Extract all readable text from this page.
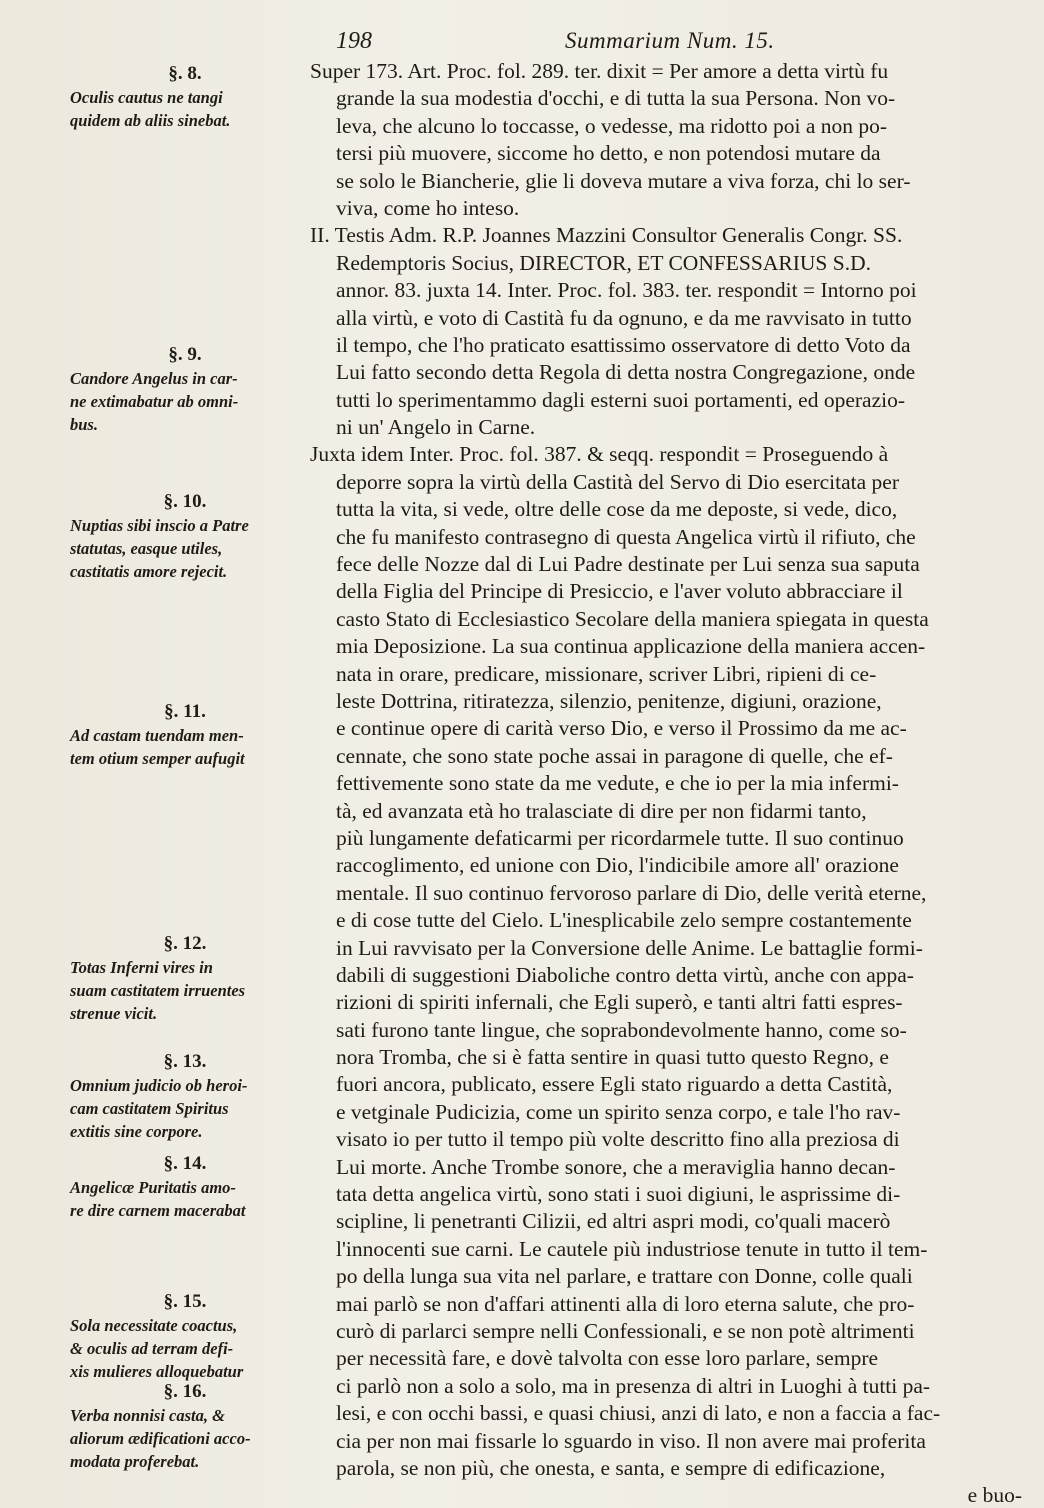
198	Summarium Num. 15.
§. 8.
Oculis cautus ne tangi
quidem ab aliis sinebat.
§. 9.
Candore Angelus in car-
ne extimabatur ab omni-
bus.
§. 10.
Nuptias sibi inscio a Patre
statutas, easque utiles,
castitatis amore rejecit.
§. 11.
Ad castam tuendam men-
tem otium semper aufugit
§. 12.
Totas Inferni vires in
suam castitatem irruentes
strenue vicit.
§. 13.
Omnium judicio ob heroi-
cam castitatem Spiritus
extitis sine corpore.
§. 14.
Angelicæ Puritatis amo-
re dire carnem macerabat
§. 15.
Sola necessitate coactus,
& oculis ad terram defi-
xis mulieres alloquebatur
§. 16.
Verba nonnisi casta, &
aliorum ædificationi acco-
modata proferebat.
Super 173. Art. Proc. fol. 289. ter. dixit = Per amore a detta virtù fu
grande la sua modestia d'occhi, e di tutta la sua Persona. Non vo-
leva, che alcuno lo toccasse, o vedesse, ma ridotto poi a non po-
tersi più muovere, siccome ho detto, e non potendosi mutare da
se solo le Biancherie, glie li doveva mutare a viva forza, chi lo ser-
viva, come ho inteso.
II. Testis Adm. R.P. Joannes Mazzini Consultor Generalis Congr. SS.
Redemptoris Socius, DIRECTOR, ET CONFESSARIUS S.D.
annor. 83. juxta 14. Inter. Proc. fol. 383. ter. respondit = Intorno poi
alla virtù, e voto di Castità fu da ognuno, e da me ravvisato in tutto
il tempo, che l'ho praticato esattissimo osservatore di detto Voto da
Lui fatto secondo detta Regola di detta nostra Congregazione, onde
tutti lo sperimentammo dagli esterni suoi portamenti, ed operazio-
ni un' Angelo in Carne.
Juxta idem Inter. Proc. fol. 387. & seqq. respondit = Proseguendo à
deporre sopra la virtù della Castità del Servo di Dio esercitata per
tutta la vita, si vede, oltre delle cose da me deposte, si vede, dico,
che fu manifesto contrasegno di questa Angelica virtù il rifiuto, che
fece delle Nozze dal di Lui Padre destinate per Lui senza sua saputa
della Figlia del Principe di Presiccio, e l'aver voluto abbracciare il
casto Stato di Ecclesiastico Secolare della maniera spiegata in questa
mia Deposizione. La sua continua applicazione della maniera accen-
nata in orare, predicare, missionare, scriver Libri, ripieni di ce-
leste Dottrina, ritiratezza, silenzio, penitenze, digiuni, orazione,
e continue opere di carità verso Dio, e verso il Prossimo da me ac-
cennate, che sono state poche assai in paragone di quelle, che ef-
fettivemente sono state da me vedute, e che io per la mia infermi-
tà, ed avanzata età ho tralasciate di dire per non fidarmi tanto,
più lungamente defaticarmi per ricordarmele tutte. Il suo continuo
raccoglimento, ed unione con Dio, l'indicibile amore all' orazione
mentale. Il suo continuo fervoroso parlare di Dio, delle verità eterne,
e di cose tutte del Cielo. L'inesplicabile zelo sempre costantemente
in Lui ravvisato per la Conversione delle Anime. Le battaglie formi-
dabili di suggestioni Diaboliche contro detta virtù, anche con appa-
rizioni di spiriti infernali, che Egli superò, e tanti altri fatti espres-
sati furono tante lingue, che soprabondevolmente hanno, come so-
nora Tromba, che si è fatta sentire in quasi tutto questo Regno, e
fuori ancora, publicato, essere Egli stato riguardo a detta Castità,
e vetginale Pudicizia, come un spirito senza corpo, e tale l'ho rav-
visato io per tutto il tempo più volte descritto fino alla preziosa di
Lui morte. Anche Trombe sonore, che a meraviglia hanno decan-
tata detta angelica virtù, sono stati i suoi digiuni, le asprissime di-
scipline, li penetranti Cilizii, ed altri aspri modi, co'quali macerò
l'innocenti sue carni. Le cautele più industriose tenute in tutto il tem-
po della lunga sua vita nel parlare, e trattare con Donne, colle quali
mai parlò se non d'affari attinenti alla di loro eterna salute, che pro-
curò di parlarci sempre nelli Confessionali, e se non potè altrimenti
per necessità fare, e dovè talvolta con esse loro parlare, sempre
ci parlò non a solo a solo, ma in presenza di altri in Luoghi à tutti pa-
lesi, e con occhi bassi, e quasi chiusi, anzi di lato, e non a faccia a fac-
cia per non mai fissarle lo sguardo in viso. Il non avere mai proferita
parola, se non più, che onesta, e santa, e sempre di edificazione,
e buo-
